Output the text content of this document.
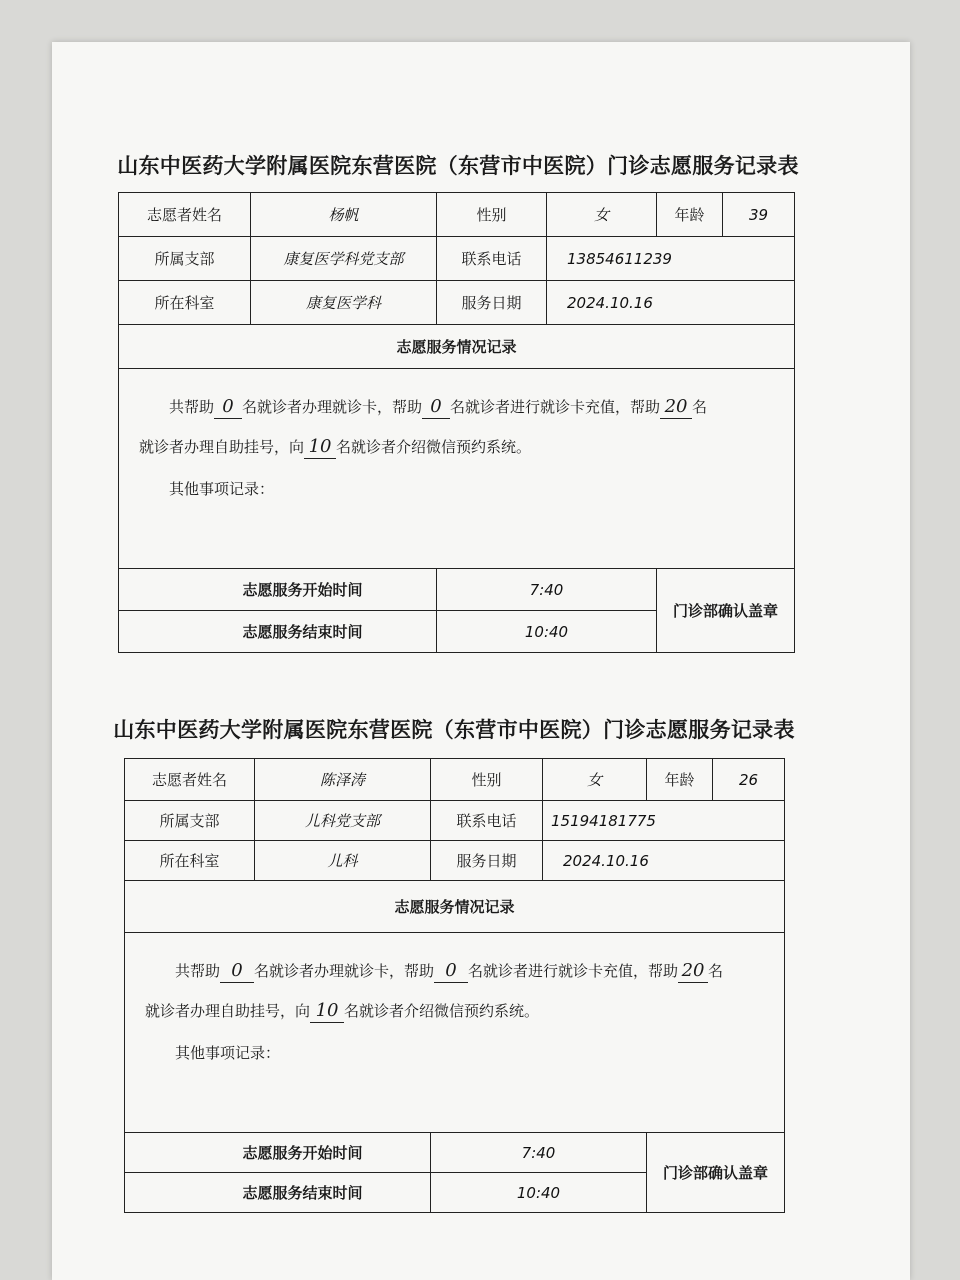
山东中医药大学附属医院东营医院（东营市中医院）门诊志愿服务记录表
志愿者姓名	杨帆	性别	女	年龄	39
所属支部	康复医学科党支部	联系电话	13854611239		
所在科室	康复医学科	服务日期	2024.10.16		
志愿服务情况记录					
共帮助 0 名就诊者办理就诊卡，帮助 0 名就诊者进行就诊卡充值，帮助 20 名
就诊者办理自助挂号，向 10 名就诊者介绍微信预约系统。
其他事项记录：					

志愿服务开始时间		7:40		门诊部确认盖章	
志愿服务结束时间		10:40			
山东中医药大学附属医院东营医院（东营市中医院）门诊志愿服务记录表
志愿者姓名	陈泽涛	性别	女	年龄	26
所属支部	儿科党支部	联系电话	15194181775		
所在科室	儿科	服务日期	2024.10.16		
志愿服务情况记录					
共帮助 0 名就诊者办理就诊卡，帮助 0 名就诊者进行就诊卡充值，帮助 20 名
就诊者办理自助挂号，向 10 名就诊者介绍微信预约系统。
其他事项记录：					

志愿服务开始时间		7:40		门诊部确认盖章	
志愿服务结束时间		10:40			
